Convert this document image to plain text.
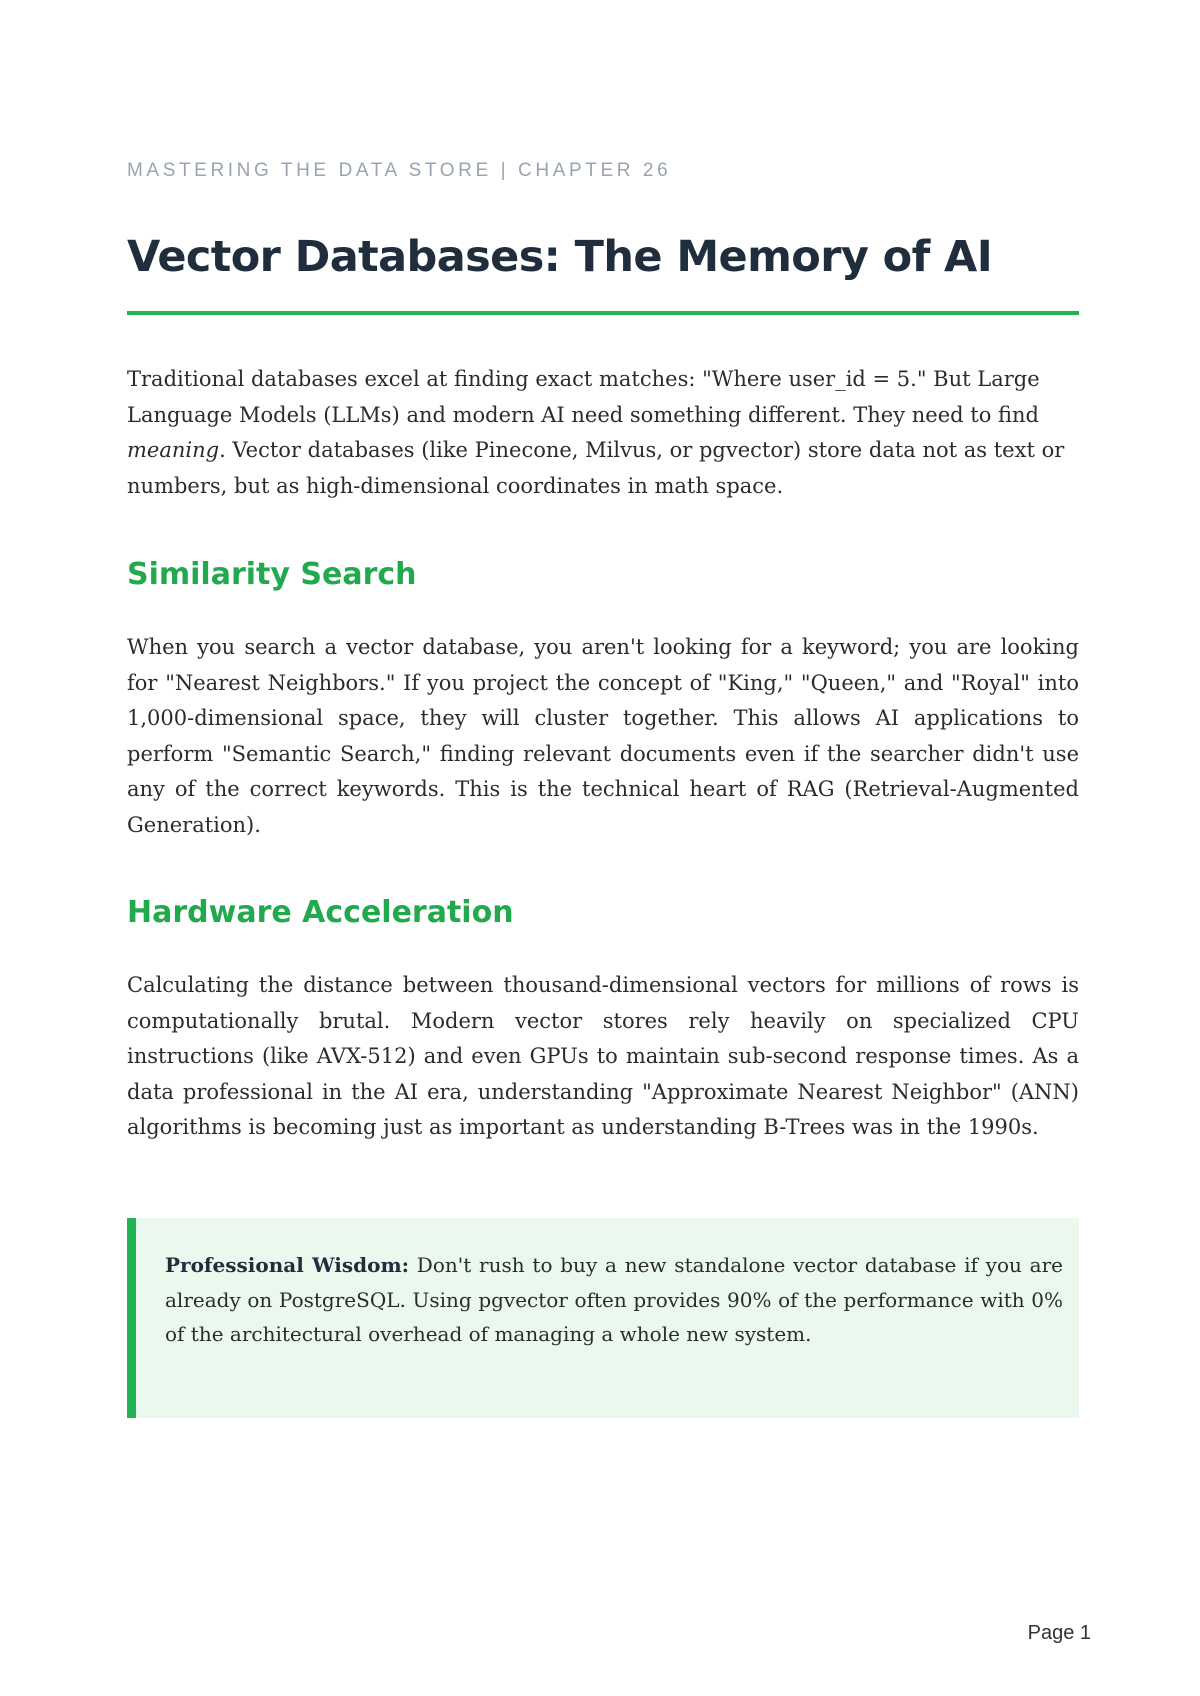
MASTERING THE DATA STORE | CHAPTER 26
Vector Databases: The Memory of AI

Traditional databases excel at finding exact matches: "Where user_id = 5." But Large Language Models (LLMs) and modern AI need something different. They need to find meaning. Vector databases (like Pinecone, Milvus, or pgvector) store data not as text or numbers, but as high-dimensional coordinates in math space.

Similarity Search

When you search a vector database, you aren't looking for a keyword; you are looking for "Nearest Neighbors." If you project the concept of "King," "Queen," and "Royal" into 1,000-dimensional space, they will cluster together. This allows AI applications to perform "Semantic Search," finding relevant documents even if the searcher didn't use any of the correct keywords. This is the technical heart of RAG (Retrieval-Augmented Generation).

Hardware Acceleration

Calculating the distance between thousand-dimensional vectors for millions of rows is computationally brutal. Modern vector stores rely heavily on specialized CPU instructions (like AVX-512) and even GPUs to maintain sub-second response times. As a data professional in the AI era, understanding "Approximate Nearest Neighbor" (ANN) algorithms is becoming just as important as understanding B-Trees was in the 1990s.

Professional Wisdom: Don't rush to buy a new standalone vector database if you are already on PostgreSQL. Using pgvector often provides 90% of the performance with 0% of the architectural overhead of managing a whole new system.

Page 1
